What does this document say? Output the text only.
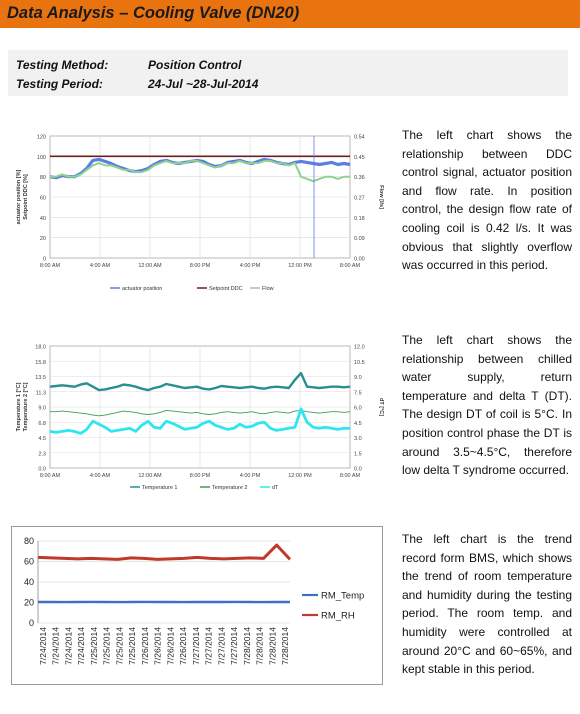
Data Analysis – Cooling Valve (DN20)
Testing Method:	Position Control
Testing Period:	24-Jul ~28-Jul-2014
0
20
40
60
80
100
120
0.00
0.09
0.18
0.27
0.36
0.45
0.54
8:00 AM	4:00 AM	12:00 AM	8:00 PM	4:00 PM	12:00 PM	8:00 AM
actuator position [%] Setpoint DDC [%]	Flow [l/s]
actuator position	Setpoint DDC	Flow
The left chart shows the relationship between DDC control signal, actuator position and flow rate. In position control, the design flow rate of cooling coil is 0.42 l/s. It was obvious that slightly overflow was occurred in this period.
0.0
2.3
4.5
6.8
9.0
11.3
13.5
15.8
18.0
0.0
1.5
3.0
4.5
6.0
7.5
9.0
10.5
12.0
8:00 AM	4:00 AM	12:00 AM	8:00 PM	4:00 PM	12:00 PM	8:00 AM
Temperature 1 [°C] Temperature 2 [°C]	dT [°C]
Temperature 1	Temperature 2	dT
The left chart shows the relationship between chilled water supply, return temperature and delta T (DT). The design DT of coil is 5°C. In position control phase the DT is around 3.5~4.5°C, therefore low delta T syndrome occurred.
0
20
40
60
80
7/24/2014 7/24/2014 7/24/2014 7/24/2014 7/25/2014 7/25/2014 7/25/2014 7/25/2014 7/26/2014 7/26/2014 7/26/2014 7/26/2014 7/27/2014 7/27/2014 7/27/2014 7/27/2014 7/28/2014 7/28/2014 7/28/2014 7/28/2014
RM_Temp
RM_RH
The left chart is the trend record form BMS, which shows the trend of room temperature and humidity during the testing period. The room temp. and humidity were controlled at around 20°C and 60~65%, and kept stable in this period.
